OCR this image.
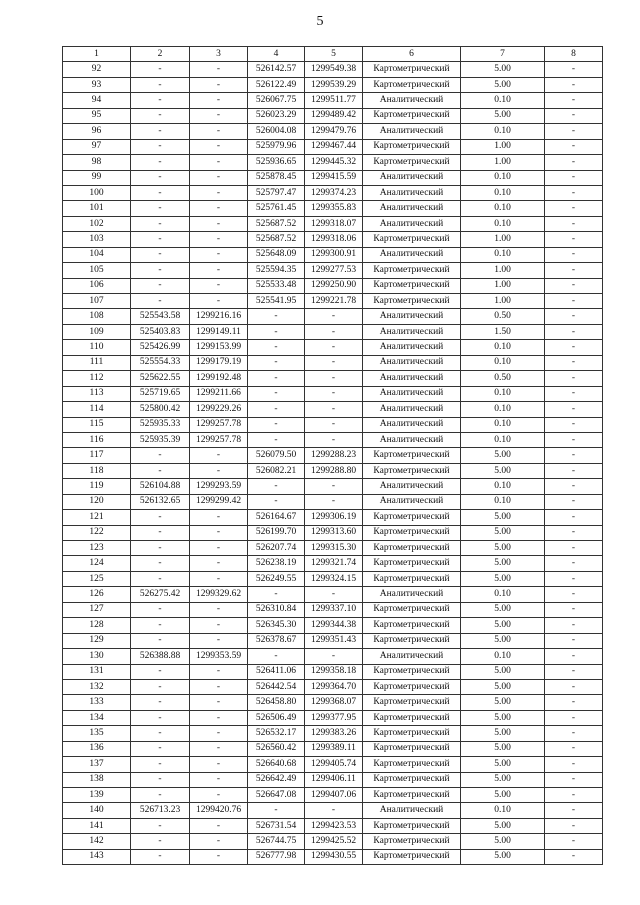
5
1	2	3	4	5	6	7	8
92	-	-	526142.57	1299549.38	Картометрический	5.00	-
93	-	-	526122.49	1299539.29	Картометрический	5.00	-
94	-	-	526067.75	1299511.77	Аналитический	0.10	-
95	-	-	526023.29	1299489.42	Картометрический	5.00	-
96	-	-	526004.08	1299479.76	Аналитический	0.10	-
97	-	-	525979.96	1299467.44	Картометрический	1.00	-
98	-	-	525936.65	1299445.32	Картометрический	1.00	-
99	-	-	525878.45	1299415.59	Аналитический	0.10	-
100	-	-	525797.47	1299374.23	Аналитический	0.10	-
101	-	-	525761.45	1299355.83	Аналитический	0.10	-
102	-	-	525687.52	1299318.07	Аналитический	0.10	-
103	-	-	525687.52	1299318.06	Картометрический	1.00	-
104	-	-	525648.09	1299300.91	Аналитический	0.10	-
105	-	-	525594.35	1299277.53	Картометрический	1.00	-
106	-	-	525533.48	1299250.90	Картометрический	1.00	-
107	-	-	525541.95	1299221.78	Картометрический	1.00	-
108	525543.58	1299216.16	-	-	Аналитический	0.50	-
109	525403.83	1299149.11	-	-	Аналитический	1.50	-
110	525426.99	1299153.99	-	-	Аналитический	0.10	-
111	525554.33	1299179.19	-	-	Аналитический	0.10	-
112	525622.55	1299192.48	-	-	Аналитический	0.50	-
113	525719.65	1299211.66	-	-	Аналитический	0.10	-
114	525800.42	1299229.26	-	-	Аналитический	0.10	-
115	525935.33	1299257.78	-	-	Аналитический	0.10	-
116	525935.39	1299257.78	-	-	Аналитический	0.10	-
117	-	-	526079.50	1299288.23	Картометрический	5.00	-
118	-	-	526082.21	1299288.80	Картометрический	5.00	-
119	526104.88	1299293.59	-	-	Аналитический	0.10	-
120	526132.65	1299299.42	-	-	Аналитический	0.10	-
121	-	-	526164.67	1299306.19	Картометрический	5.00	-
122	-	-	526199.70	1299313.60	Картометрический	5.00	-
123	-	-	526207.74	1299315.30	Картометрический	5.00	-
124	-	-	526238.19	1299321.74	Картометрический	5.00	-
125	-	-	526249.55	1299324.15	Картометрический	5.00	-
126	526275.42	1299329.62	-	-	Аналитический	0.10	-
127	-	-	526310.84	1299337.10	Картометрический	5.00	-
128	-	-	526345.30	1299344.38	Картометрический	5.00	-
129	-	-	526378.67	1299351.43	Картометрический	5.00	-
130	526388.88	1299353.59	-	-	Аналитический	0.10	-
131	-	-	526411.06	1299358.18	Картометрический	5.00	-
132	-	-	526442.54	1299364.70	Картометрический	5.00	-
133	-	-	526458.80	1299368.07	Картометрический	5.00	-
134	-	-	526506.49	1299377.95	Картометрический	5.00	-
135	-	-	526532.17	1299383.26	Картометрический	5.00	-
136	-	-	526560.42	1299389.11	Картометрический	5.00	-
137	-	-	526640.68	1299405.74	Картометрический	5.00	-
138	-	-	526642.49	1299406.11	Картометрический	5.00	-
139	-	-	526647.08	1299407.06	Картометрический	5.00	-
140	526713.23	1299420.76	-	-	Аналитический	0.10	-
141	-	-	526731.54	1299423.53	Картометрический	5.00	-
142	-	-	526744.75	1299425.52	Картометрический	5.00	-
143	-	-	526777.98	1299430.55	Картометрический	5.00	-
